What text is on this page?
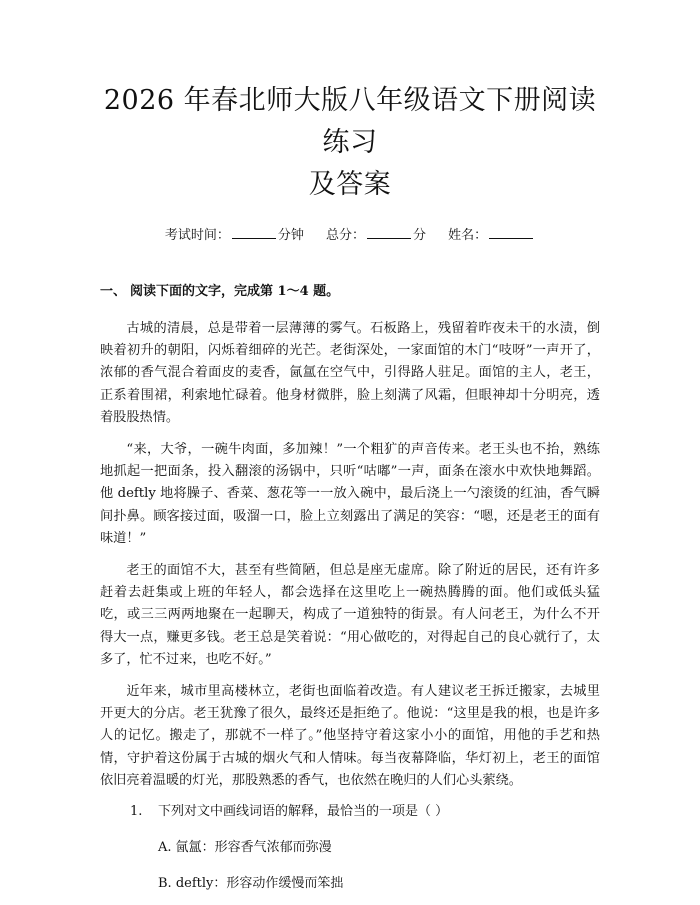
2026 年春北师大版八年级语文下册阅读练习
及答案
考试时间：	分钟 总分：	分 姓名：
一、 阅读下面的文字，完成第 1～4 题。

古城的清晨，总是带着一层薄薄的雾气。石板路上，残留着昨夜未干的水渍，倒映着初升的朝阳，闪烁着细碎的光芒。老街深处，一家面馆的木门“吱呀”一声开了，浓郁的香气混合着面皮的麦香，氤氲在空气中，引得路人驻足。面馆的主人，老王，正系着围裙，利索地忙碌着。他身材微胖，脸上刻满了风霜，但眼神却十分明亮，透着股股热情。

“来，大爷，一碗牛肉面，多加辣！”一个粗犷的声音传来。老王头也不抬，熟练地抓起一把面条，投入翻滚的汤锅中，只听“咕嘟”一声，面条在滚水中欢快地舞蹈。他 deftly 地将臊子、香菜、葱花等一一放入碗中，最后浇上一勺滚烫的红油，香气瞬间扑鼻。顾客接过面，吸溜一口，脸上立刻露出了满足的笑容：“嗯，还是老王的面有味道！”

老王的面馆不大，甚至有些简陋，但总是座无虚席。除了附近的居民，还有许多赶着去赶集或上班的年轻人，都会选择在这里吃上一碗热腾腾的面。他们或低头猛吃，或三三两两地聚在一起聊天，构成了一道独特的街景。有人问老王，为什么不开得大一点，赚更多钱。老王总是笑着说：“用心做吃的，对得起自己的良心就行了，太多了，忙不过来，也吃不好。”

近年来，城市里高楼林立，老街也面临着改造。有人建议老王拆迁搬家，去城里开更大的分店。老王犹豫了很久，最终还是拒绝了。他说：“这里是我的根，也是许多人的记忆。搬走了，那就不一样了。”他坚持守着这家小小的面馆，用他的手艺和热情，守护着这份属于古城的烟火气和人情味。每当夜幕降临，华灯初上，老王的面馆依旧亮着温暖的灯光，那股熟悉的香气，也依然在晚归的人们心头萦绕。

1. 下列对文中画线词语的解释，最恰当的一项是（ ）
A. 氤氲：形容香气浓郁而弥漫
B. deftly：形容动作缓慢而笨拙
